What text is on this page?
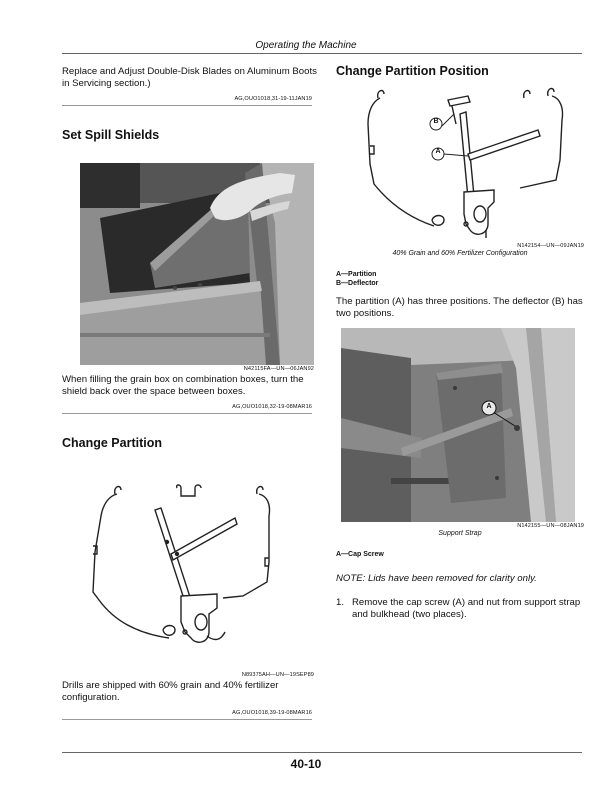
Operating the Machine
Replace and Adjust Double-Disk Blades on Aluminum Boots in Servicing section.)
AG,OUO1018,31-19-11JAN19
Set Spill Shields
N42115FA—UN—06JAN92
When filling the grain box on combination boxes, turn the shield back over the space between boxes.
AG,OUO1018,32-19-08MAR16
Change Partition
N89375AH—UN—19SEP89
Drills are shipped with 60% grain and 40% fertilizer configuration.
AG,OUO1018,39-19-08MAR16
Change Partition Position
B
A
N142154—UN—09JAN19
40% Grain and 60% Fertilizer Configuration
A—Partition
B—Deflector
The partition (A) has three positions. The deflector (B) has two positions.
A
N142155—UN—08JAN19
Support Strap
A—Cap Screw
NOTE: Lids have been removed for clarity only.
1. Remove the cap screw (A) and nut from support strap and bulkhead (two places).
40-10
